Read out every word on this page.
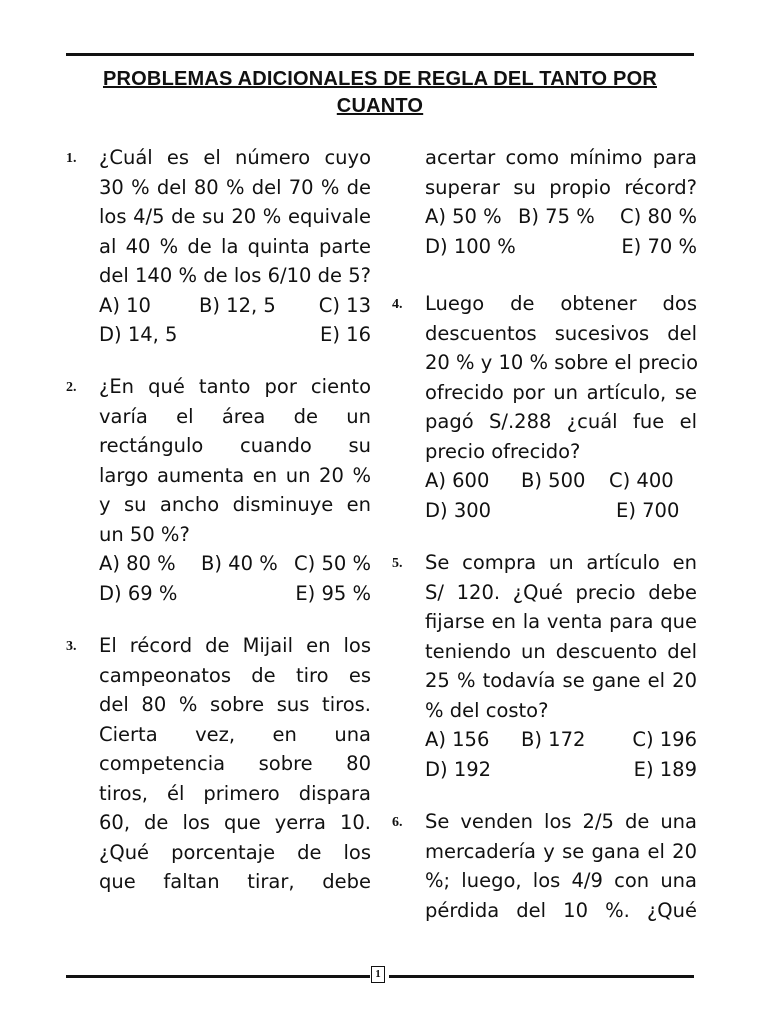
PROBLEMAS ADICIONALES DE REGLA DEL TANTO POR
CUANTO
1. ¿Cuál es el número cuyo
30 % del 80 % del 70 % de
los 4/5 de su 20 % equivale
al 40 % de la quinta parte
del 140 % de los 6/10 de 5?
A) 10 B) 12, 5 C) 13
D) 14, 5	E) 16
2. ¿En qué tanto por ciento
varía el área de un
rectángulo cuando su
largo aumenta en un 20 %
y su ancho disminuye en
un 50 %?
A) 80 % B) 40 % C) 50 %
D) 69 %	E) 95 %
3. El récord de Mijail en los
campeonatos de tiro es
del 80 % sobre sus tiros.
Cierta vez, en una
competencia sobre 80
tiros, él primero dispara
60, de los que yerra 10.
¿Qué porcentaje de los
que faltan tirar, debe
acertar como mínimo para
superar su propio récord?
A) 50 % B) 75 % C) 80 %
D) 100 %	E) 70 %
4. Luego de obtener dos
descuentos sucesivos del
20 % y 10 % sobre el precio
ofrecido por un artículo, se
pagó S/.288 ¿cuál fue el
precio ofrecido?
A) 600 B) 500 C) 400
D) 300	E) 700
5. Se compra un artículo en
S/ 120. ¿Qué precio debe
fijarse en la venta para que
teniendo un descuento del
25 % todavía se gane el 20
% del costo?
A) 156 B) 172 C) 196
D) 192	E) 189
6. Se venden los 2/5 de una
mercadería y se gana el 20
%; luego, los 4/9 con una
pérdida del 10 %. ¿Qué
1
